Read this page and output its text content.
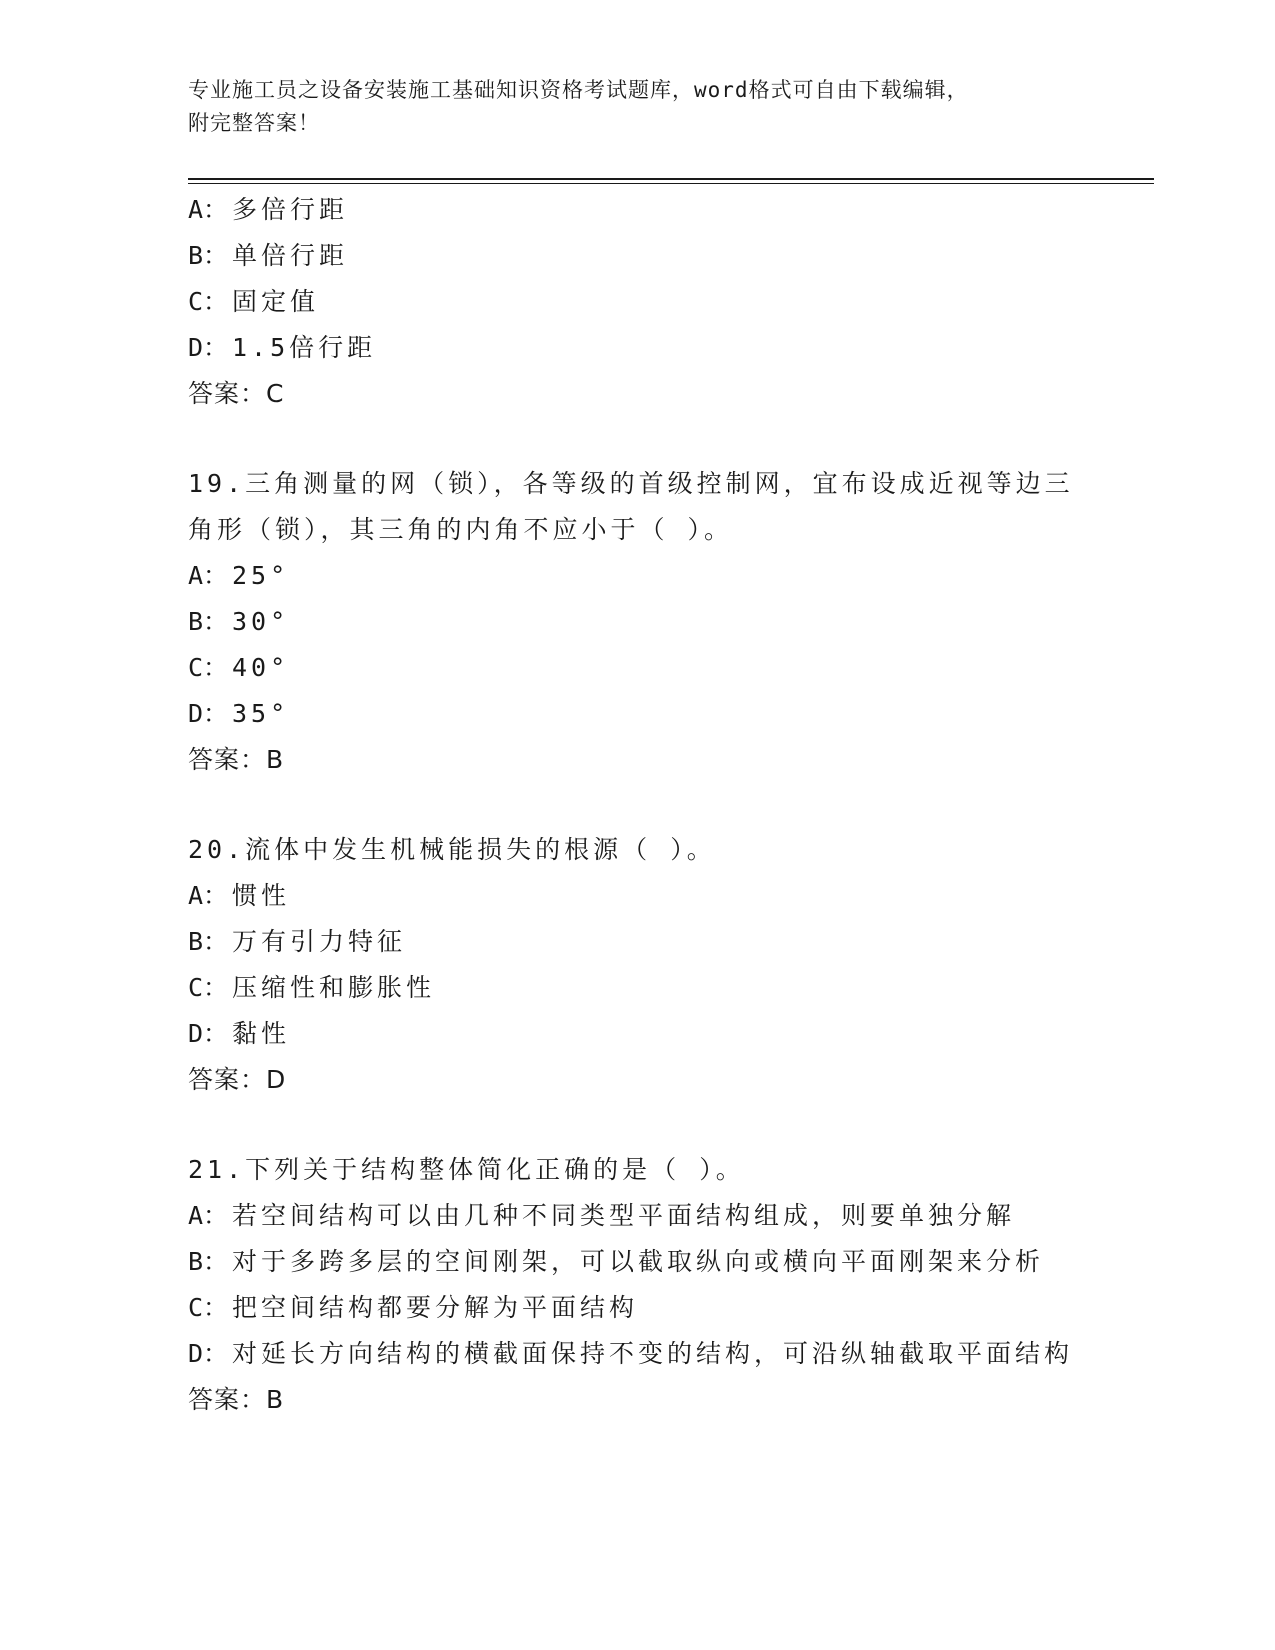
专业施工员之设备安装施工基础知识资格考试题库，word格式可自由下载编辑，
附完整答案！
A： 多倍行距
B： 单倍行距
C： 固定值
D： 1.5倍行距
答案：C
19.三角测量的网（锁），各等级的首级控制网，宜布设成近视等边三
角形（锁），其三角的内角不应小于（ ）。
A： 25°
B： 30°
C： 40°
D： 35°
答案：B
20.流体中发生机械能损失的根源（ ）。
A： 惯性
B： 万有引力特征
C： 压缩性和膨胀性
D： 黏性
答案：D
21.下列关于结构整体简化正确的是（ ）。
A： 若空间结构可以由几种不同类型平面结构组成，则要单独分解
B： 对于多跨多层的空间刚架，可以截取纵向或横向平面刚架来分析
C： 把空间结构都要分解为平面结构
D： 对延长方向结构的横截面保持不变的结构，可沿纵轴截取平面结构
答案：B
